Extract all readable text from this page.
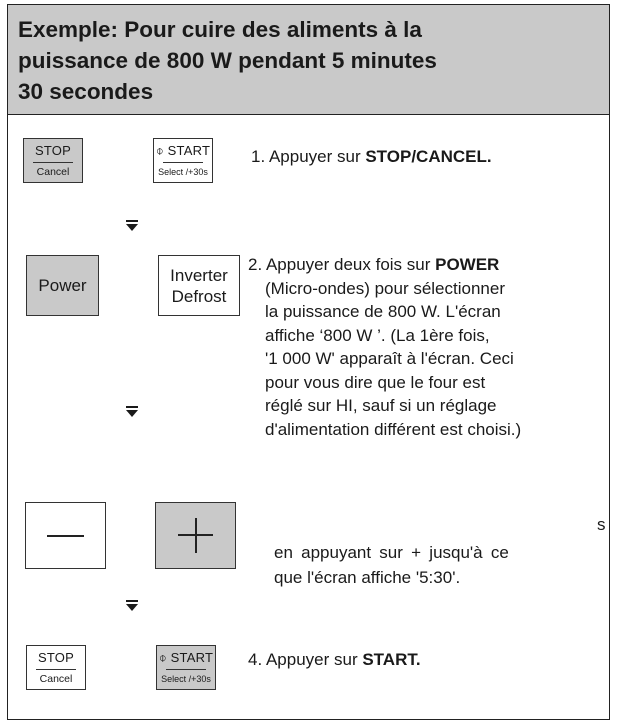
Exemple: Pour cuire des aliments à la
puissance de 800 W pendant 5 minutes
30 secondes
STOP
Cancel
⌽ START
Select /+30s
1. Appuyer sur STOP/CANCEL.
Power
Inverter
Defrost
2. Appuyer deux fois sur POWER
(Micro-ondes) pour sélectionner
la puissance de 800 W. L'écran
affiche ‘800 W ’. (La 1ère fois,
'1 000 W' apparaît à l'écran. Ceci
pour vous dire que le four est
réglé sur HI, sauf si un réglage
d'alimentation différent est choisi.)
s
en appuyant sur + jusqu'à ce
que l'écran affiche '5:30'.
STOP
Cancel
⌽ START
Select /+30s
4. Appuyer sur START.
